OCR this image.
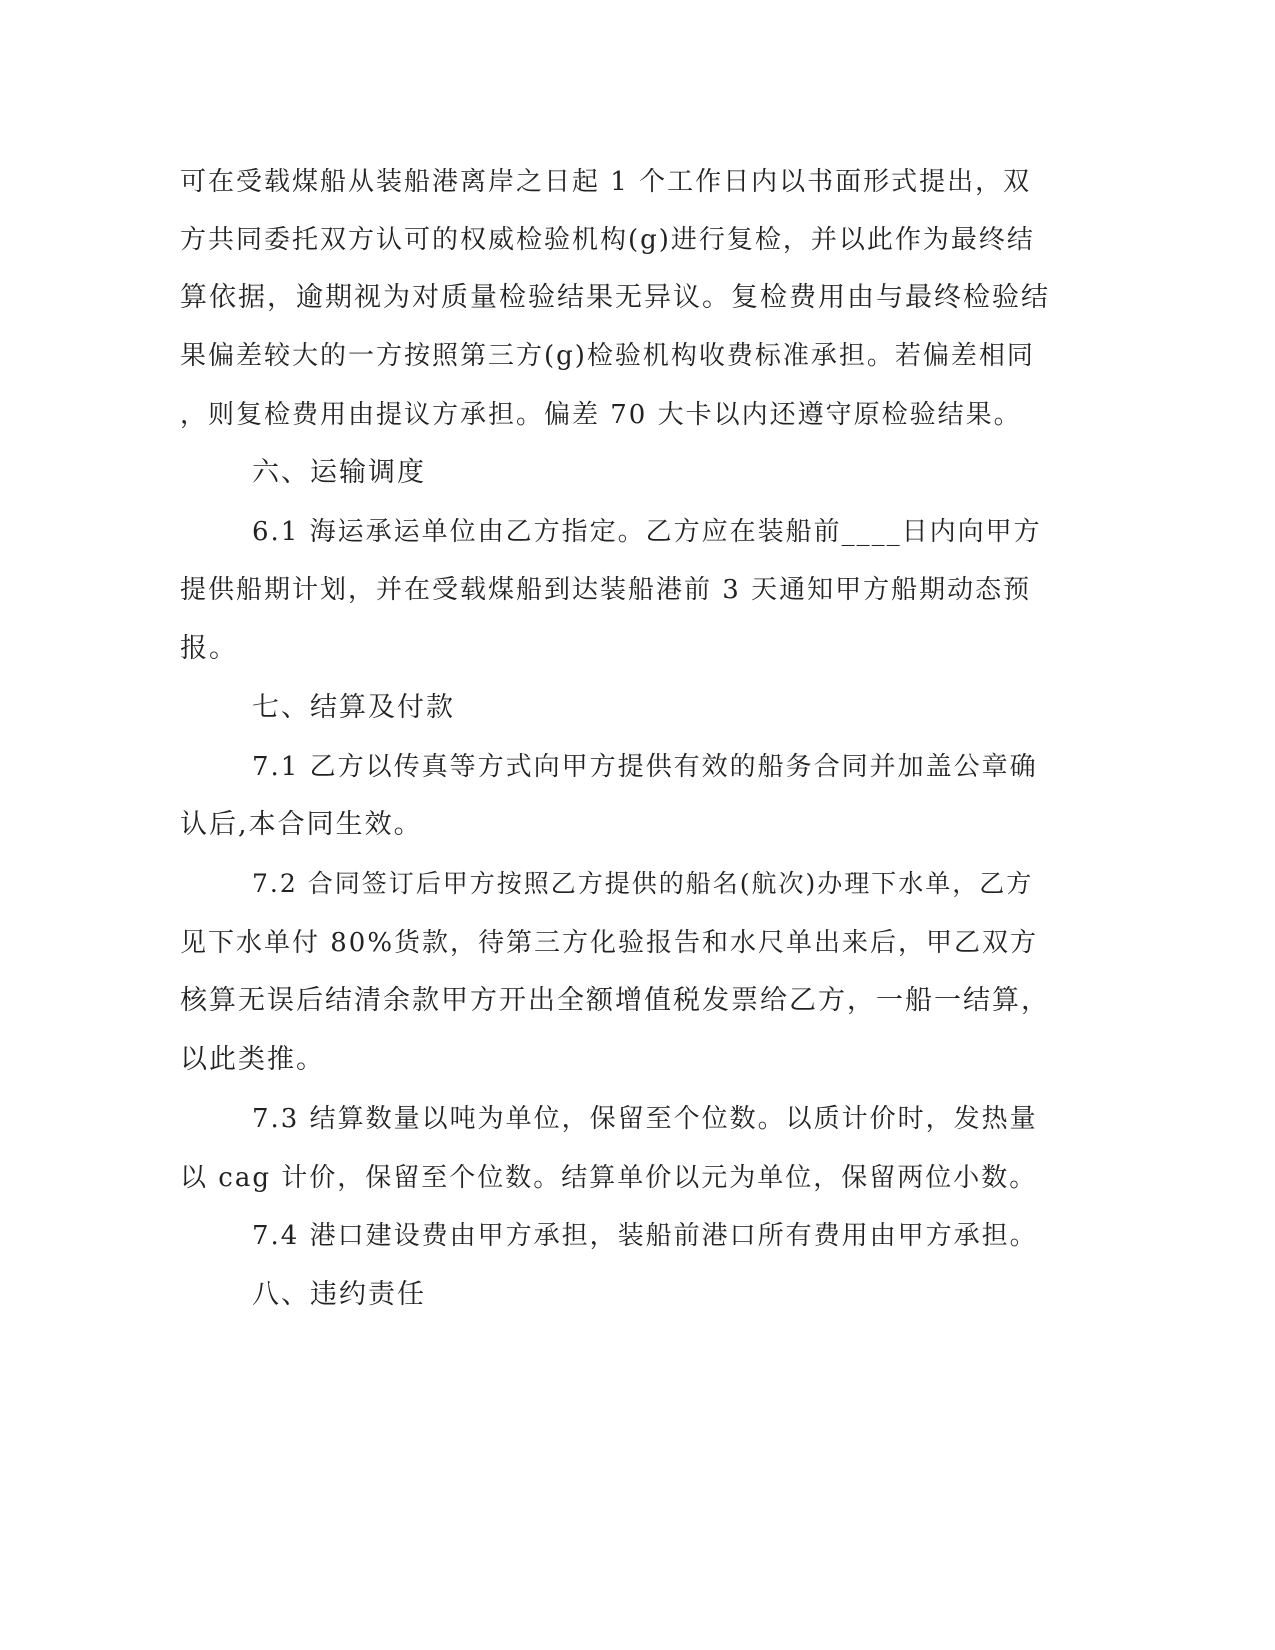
可在受载煤船从装船港离岸之日起 1 个工作日内以书面形式提出，双

方共同委托双方认可的权威检验机构(g)进行复检，并以此作为最终结

算依据，逾期视为对质量检验结果无异议。复检费用由与最终检验结

果偏差较大的一方按照第三方(g)检验机构收费标准承担。若偏差相同

，则复检费用由提议方承担。偏差 70 大卡以内还遵守原检验结果。

六、运输调度

6.1 海运承运单位由乙方指定。乙方应在装船前____日内向甲方

提供船期计划，并在受载煤船到达装船港前 3 天通知甲方船期动态预

报。

七、结算及付款

7.1 乙方以传真等方式向甲方提供有效的船务合同并加盖公章确

认后,本合同生效。

7.2 合同签订后甲方按照乙方提供的船名(航次)办理下水单，乙方

见下水单付 80%货款，待第三方化验报告和水尺单出来后，甲乙双方

核算无误后结清余款甲方开出全额增值税发票给乙方，一船一结算，

以此类推。

7.3 结算数量以吨为单位，保留至个位数。以质计价时，发热量

以 cag 计价，保留至个位数。结算单价以元为单位，保留两位小数。

7.4 港口建设费由甲方承担，装船前港口所有费用由甲方承担。

八、违约责任
